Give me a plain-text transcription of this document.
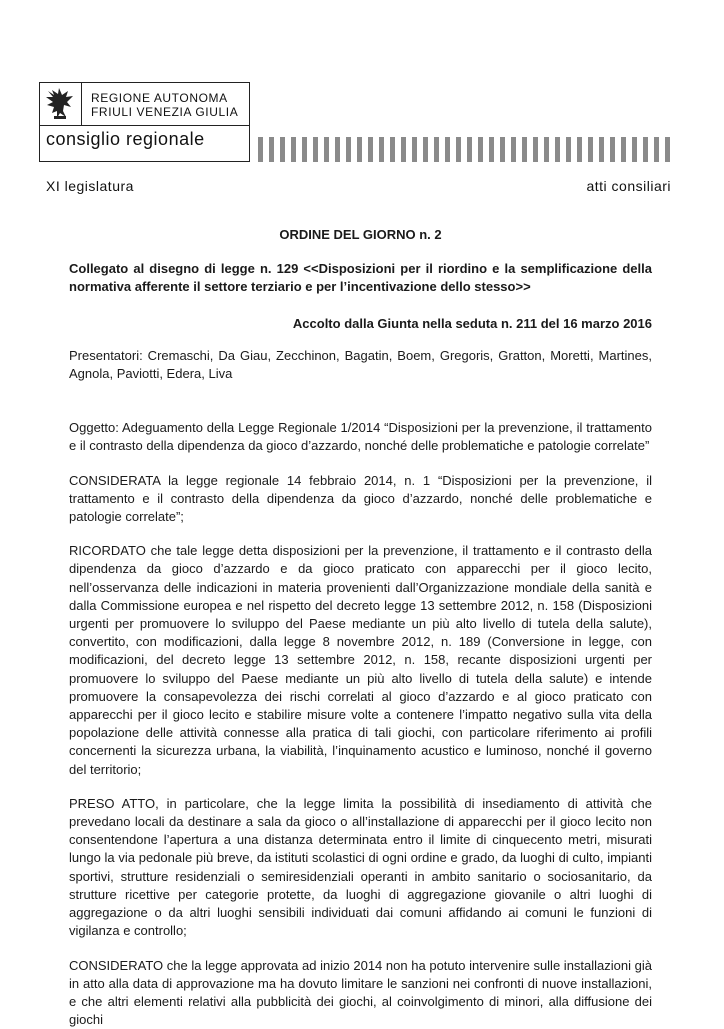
REGIONE AUTONOMA
FRIULI VENEZIA GIULIA
consiglio regionale
XI legislatura	atti consiliari

ORDINE DEL GIORNO n. 2

Collegato al disegno di legge n. 129 <<Disposizioni per il riordino e la semplificazione della normativa afferente il settore terziario e per l’incentivazione dello stesso>>

Accolto dalla Giunta nella seduta n. 211 del 16 marzo 2016

Presentatori: Cremaschi, Da Giau, Zecchinon, Bagatin, Boem, Gregoris, Gratton, Moretti, Martines, Agnola, Paviotti, Edera, Liva

Oggetto: Adeguamento della Legge Regionale 1/2014 “Disposizioni per la prevenzione, il trattamento e il contrasto della dipendenza da gioco d’azzardo, nonché delle problematiche e patologie correlate”

CONSIDERATA la legge regionale 14 febbraio 2014, n. 1 “Disposizioni per la prevenzione, il trattamento e il contrasto della dipendenza da gioco d’azzardo, nonché delle problematiche e patologie correlate”;

RICORDATO che tale legge detta disposizioni per la prevenzione, il trattamento e il contrasto della dipendenza da gioco d’azzardo e da gioco praticato con apparecchi per il gioco lecito, nell’osservanza delle indicazioni in materia provenienti dall’Organizzazione mondiale della sanità e dalla Commissione europea e nel rispetto del decreto legge 13 settembre 2012, n. 158 (Disposizioni urgenti per promuovere lo sviluppo del Paese mediante un più alto livello di tutela della salute), convertito, con modificazioni, dalla legge 8 novembre 2012, n. 189 (Conversione in legge, con modificazioni, del decreto legge 13 settembre 2012, n. 158, recante disposizioni urgenti per promuovere lo sviluppo del Paese mediante un più alto livello di tutela della salute) e intende promuovere la consapevolezza dei rischi correlati al gioco d’azzardo e al gioco praticato con apparecchi per il gioco lecito e stabilire misure volte a contenere l’impatto negativo sulla vita della popolazione delle attività connesse alla pratica di tali giochi, con particolare riferimento ai profili concernenti la sicurezza urbana, la viabilità, l’inquinamento acustico e luminoso, nonché il governo del territorio;

PRESO ATTO, in particolare, che la legge limita la possibilità di insediamento di attività che prevedano locali da destinare a sala da gioco o all’installazione di apparecchi per il gioco lecito non consentendone l’apertura a una distanza determinata entro il limite di cinquecento metri, misurati lungo la via pedonale più breve, da istituti scolastici di ogni ordine e grado, da luoghi di culto, impianti sportivi, strutture residenziali o semiresidenziali operanti in ambito sanitario o sociosanitario, da strutture ricettive per categorie protette, da luoghi di aggregazione giovanile o altri luoghi di aggregazione o da altri luoghi sensibili individuati dai comuni affidando ai comuni le funzioni di vigilanza e controllo;

CONSIDERATO che la legge approvata ad inizio 2014 non ha potuto intervenire sulle installazioni già in atto alla data di approvazione ma ha dovuto limitare le sanzioni nei confronti di nuove installazioni, e che altri elementi relativi alla pubblicità dei giochi, al coinvolgimento di minori, alla diffusione dei giochi
